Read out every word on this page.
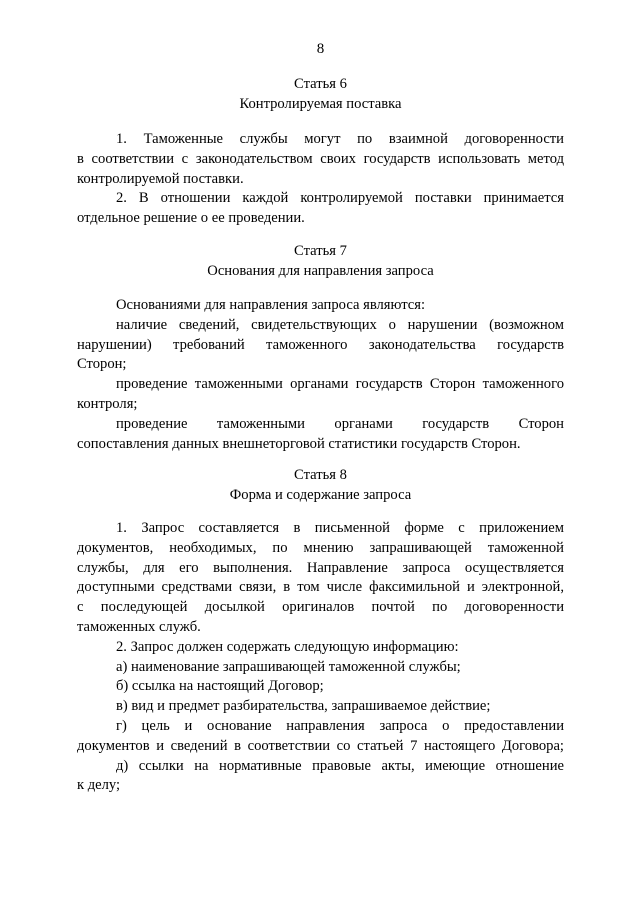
8
Статья 6
Контролируемая поставка
1. Таможенные службы могут по взаимной договоренности
в соответствии с законодательством своих государств использовать метод
контролируемой поставки.
2. В отношении каждой контролируемой поставки принимается
отдельное решение о ее проведении.
Статья 7
Основания для направления запроса
Основаниями для направления запроса являются:
наличие сведений, свидетельствующих о нарушении (возможном
нарушении) требований таможенного законодательства государств
Сторон;
проведение таможенными органами государств Сторон таможенного
контроля;
проведение таможенными органами государств Сторон
сопоставления данных внешнеторговой статистики государств Сторон.
Статья 8
Форма и содержание запроса
1. Запрос составляется в письменной форме с приложением
документов, необходимых, по мнению запрашивающей таможенной
службы, для его выполнения. Направление запроса осуществляется
доступными средствами связи, в том числе факсимильной и электронной,
с последующей досылкой оригиналов почтой по договоренности
таможенных служб.
2. Запрос должен содержать следующую информацию:
а) наименование запрашивающей таможенной службы;
б) ссылка на настоящий Договор;
в) вид и предмет разбирательства, запрашиваемое действие;
г) цель и основание направления запроса о предоставлении
документов и сведений в соответствии со статьей 7 настоящего Договора;
д) ссылки на нормативные правовые акты, имеющие отношение
к делу;
